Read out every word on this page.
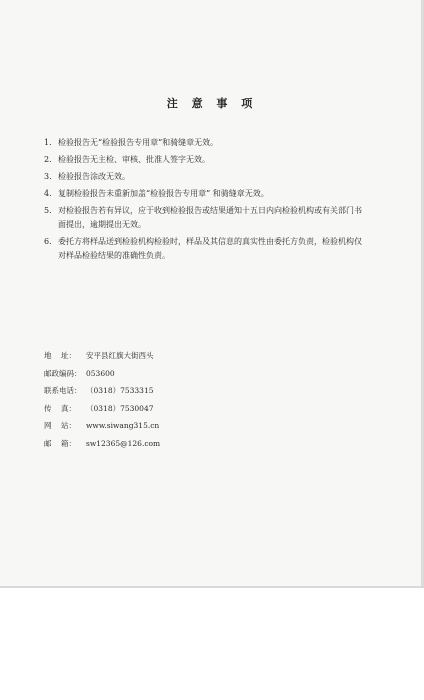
注 意 事 项
1. 检验报告无“检验报告专用章”和骑缝章无效。
2. 检验报告无主检、审核、批准人签字无效。
3. 检验报告涂改无效。
4. 复制检验报告未重新加盖“检验报告专用章” 和骑缝章无效。
5. 对检验报告若有异议，应于收到检验报告或结果通知十五日内向检验机构或有关部门书面提出，逾期提出无效。
6. 委托方将样品送到检验机构检验时，样品及其信息的真实性由委托方负责，检验机构仅对样品检验结果的准确性负责。
地    址：	安平县红旗大街西头
邮政编码： 053600
联系电话： （0318）7533315
传    真：	（0318）7530047
网    站：	www.siwang315.cn
邮    箱：	sw12365@126.com
